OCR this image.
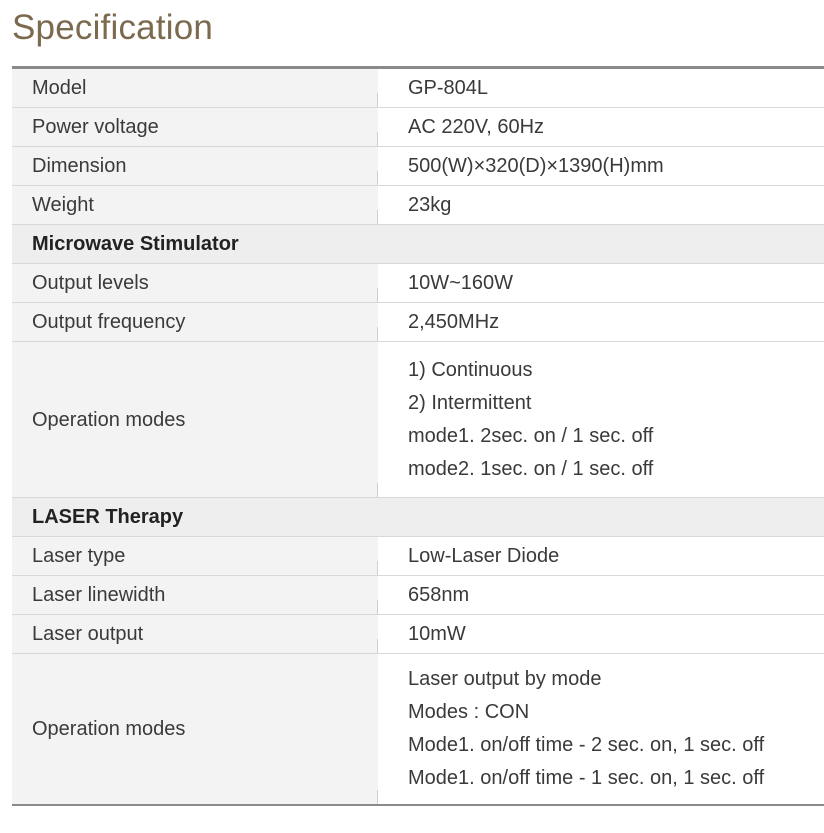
Specification
Model	GP-804L
Power voltage	AC 220V, 60Hz
Dimension	500(W)×320(D)×1390(H)mm
Weight	23kg
Microwave Stimulator	
Output levels	10W~160W
Output frequency	2,450MHz
Operation modes	1) Continuous
2) Intermittent
mode1. 2sec. on / 1 sec. off
mode2. 1sec. on / 1 sec. off

LASER Therapy	
Laser type	Low-Laser Diode
Laser linewidth	658nm
Laser output	10mW
Operation modes	Laser output by mode
Modes : CON
Mode1. on/off time - 2 sec. on, 1 sec. off
Mode1. on/off time - 1 sec. on, 1 sec. off
